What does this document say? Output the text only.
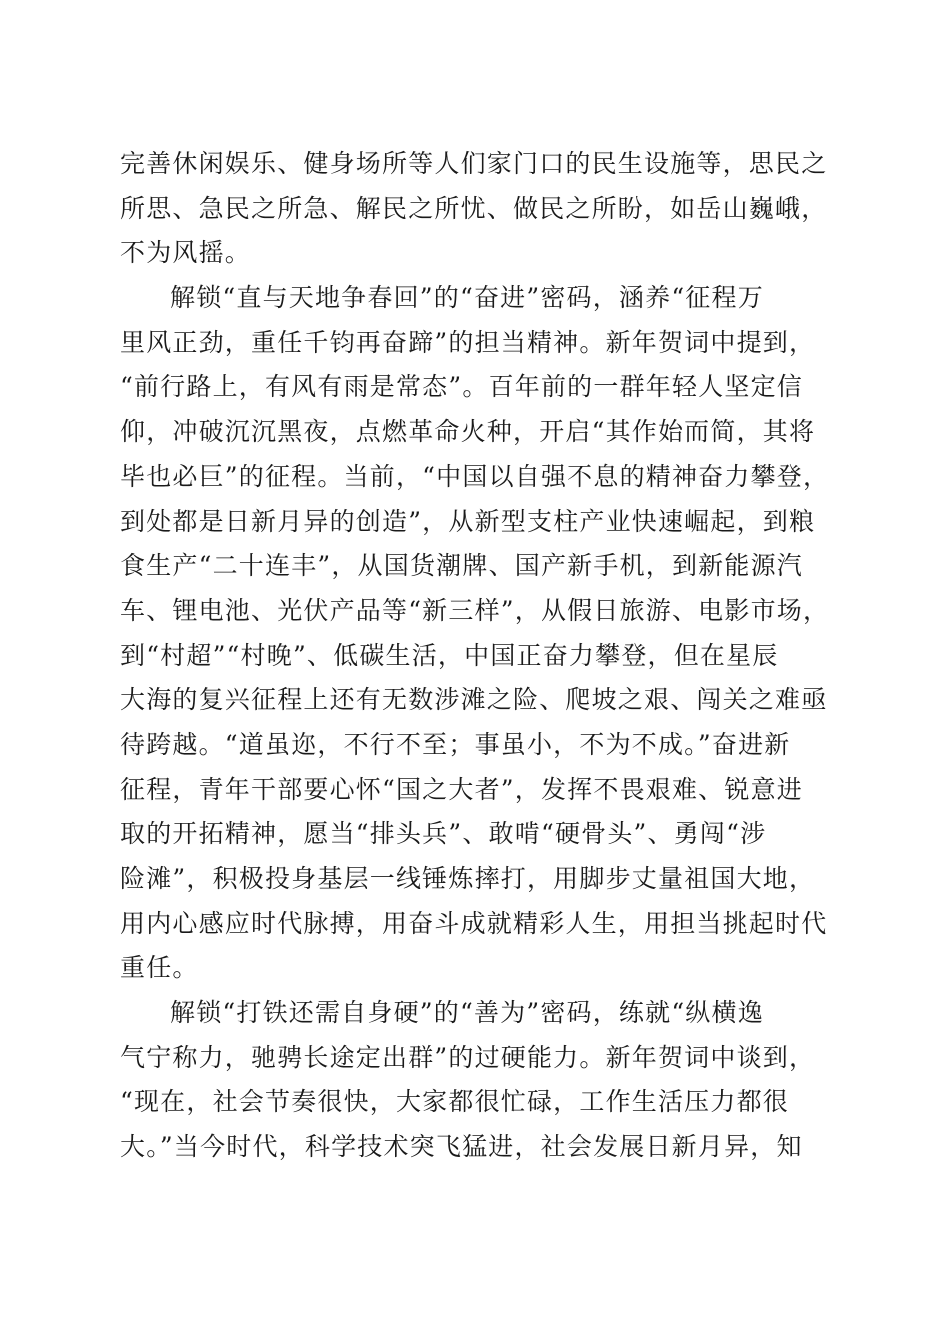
完善休闲娱乐、健身场所等人们家门口的民生设施等，思民之
所思、急民之所急、解民之所忧、做民之所盼，如岳山巍峨，
不为风摇。
解锁“直与天地争春回”的“奋进”密码，涵养“征程万
里风正劲，重任千钧再奋蹄”的担当精神。新年贺词中提到，
“前行路上，有风有雨是常态”。百年前的一群年轻人坚定信
仰，冲破沉沉黑夜，点燃革命火种，开启“其作始而简，其将
毕也必巨”的征程。当前，“中国以自强不息的精神奋力攀登，
到处都是日新月异的创造”，从新型支柱产业快速崛起，到粮
食生产“二十连丰”，从国货潮牌、国产新手机，到新能源汽
车、锂电池、光伏产品等“新三样”，从假日旅游、电影市场，
到“村超”“村晚”、低碳生活，中国正奋力攀登，但在星辰
大海的复兴征程上还有无数涉滩之险、爬坡之艰、闯关之难亟
待跨越。“道虽迩，不行不至；事虽小，不为不成。”奋进新
征程，青年干部要心怀“国之大者”，发挥不畏艰难、锐意进
取的开拓精神，愿当“排头兵”、敢啃“硬骨头”、勇闯“涉
险滩”，积极投身基层一线锤炼摔打，用脚步丈量祖国大地，
用内心感应时代脉搏，用奋斗成就精彩人生，用担当挑起时代
重任。
解锁“打铁还需自身硬”的“善为”密码，练就“纵横逸
气宁称力，驰骋长途定出群”的过硬能力。新年贺词中谈到，
“现在，社会节奏很快，大家都很忙碌，工作生活压力都很
大。”当今时代，科学技术突飞猛进，社会发展日新月异，知
